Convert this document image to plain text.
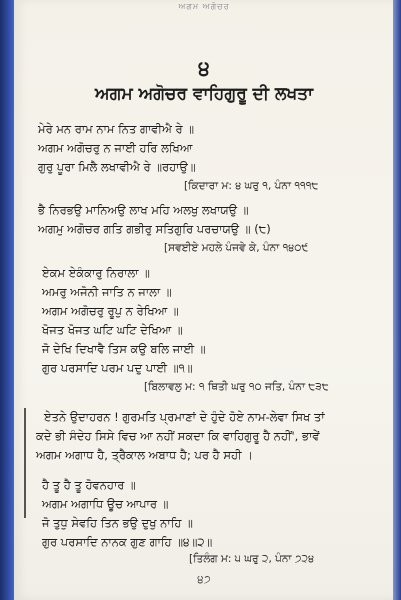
ਅਗਮ ਅਗੋਚਰ
੪
ਅਗਮ ਅਗੋਚਰ ਵਾਹਿਗੁਰੂ ਦੀ ਲਖਤਾ
ਮੇਰੇ ਮਨ ਰਾਮ ਨਾਮ ਨਿਤ ਗਾਵੀਐ ਰੇ ॥
ਅਗਮ ਅਗੋਚਰੁ ਨ ਜਾਈ ਹਰਿ ਲਖਿਆ
ਗੁਰੁ ਪੂਰਾ ਮਿਲੈ ਲਖਾਵੀਐ ਰੇ ॥ਰਹਾਉ॥
[ਕਿਦਾਰਾ ਮ: ੪ ਘਰੁ ੧, ਪੰਨਾ ੧੧੧੮
ਭੈ ਨਿਰਭਉ ਮਾਨਿਅਉ ਲਾਖ ਮਹਿ ਅਲਖੁ ਲਖਾਯਉ ॥
ਅਗਮੁ ਅਗੋਚਰ ਗਤਿ ਗਭੀਰੁ ਸਤਿਗੁਰਿ ਪਰਚਾਯਉ ॥ (੮)
[ਸਵਈਏ ਮਹਲੇ ਪੰਜਵੇ ਕੇ, ਪੰਨਾ ੧੪੦੯
ਏਕਮ ਏਕੰਕਾਰੁ ਨਿਰਾਲਾ ॥
ਅਮਰੁ ਅਜੋਨੀ ਜਾਤਿ ਨ ਜਾਲਾ ॥
ਅਗਮ ਅਗੋਚਰੁ ਰੂਪੁ ਨ ਰੇਖਿਆ ॥
ਖੋਜਤ ਖੋਜਤ ਘਟਿ ਘਟਿ ਦੇਖਿਆ ॥
ਜੋ ਦੇਖਿ ਦਿਖਾਵੈ ਤਿਸ ਕਉ ਬਲਿ ਜਾਈ ॥
ਗੁਰ ਪਰਸਾਦਿ ਪਰਮ ਪਦੁ ਪਾਈ ॥੧॥
[ਬਿਲਾਵਲੁ ਮ: ੧ ਥਿਤੀ ਘਰੁ ੧੦ ਜਤਿ, ਪੰਨਾ ੮੩੮
ਏਤਨੇ ਉਦਾਹਰਨ ! ਗੁਰਮਤਿ ਪ੍ਰਮਾਣਾਂ ਦੇ ਹੁੰਦੇ ਹੋਏ ਨਾਮ-ਲੇਵਾ ਸਿਖ ਤਾਂ
ਕਦੇ ਭੀ ਸੰਦੇਹ ਸਿਸੇ ਵਿਚ ਆ ਨਹੀਂ ਸਕਦਾ ਕਿ ਵਾਹਿਗੁਰੂ ਹੈ ਨਹੀਂ', ਭਾਵੇਂ
ਅਗਮ ਅਗਾਧ ਹੈ, ਤ੍ਰੈਕਾਲ ਅਬਾਧ ਹੈ; ਪਰ ਹੈ ਸਹੀ ।
ਹੈ ਤੂ ਹੈ ਤੂ ਹੋਵਨਹਾਰ ॥
ਅਗਮ ਅਗਾਧਿ ਊਚ ਆਪਾਰ ॥
ਜੋ ਤੁਧੁ ਸੇਵਹਿ ਤਿਨ ਭਉ ਦੁਖੁ ਨਾਹਿ ॥
ਗੁਰ ਪਰਸਾਦਿ ਨਾਨਕ ਗੁਣ ਗਾਹਿ ॥੪॥੨॥
[ਤਿਲੰਗ ਮ: ੫ ਘਰੁ ੨, ਪੰਨਾ ੭੨੪
੪੭
